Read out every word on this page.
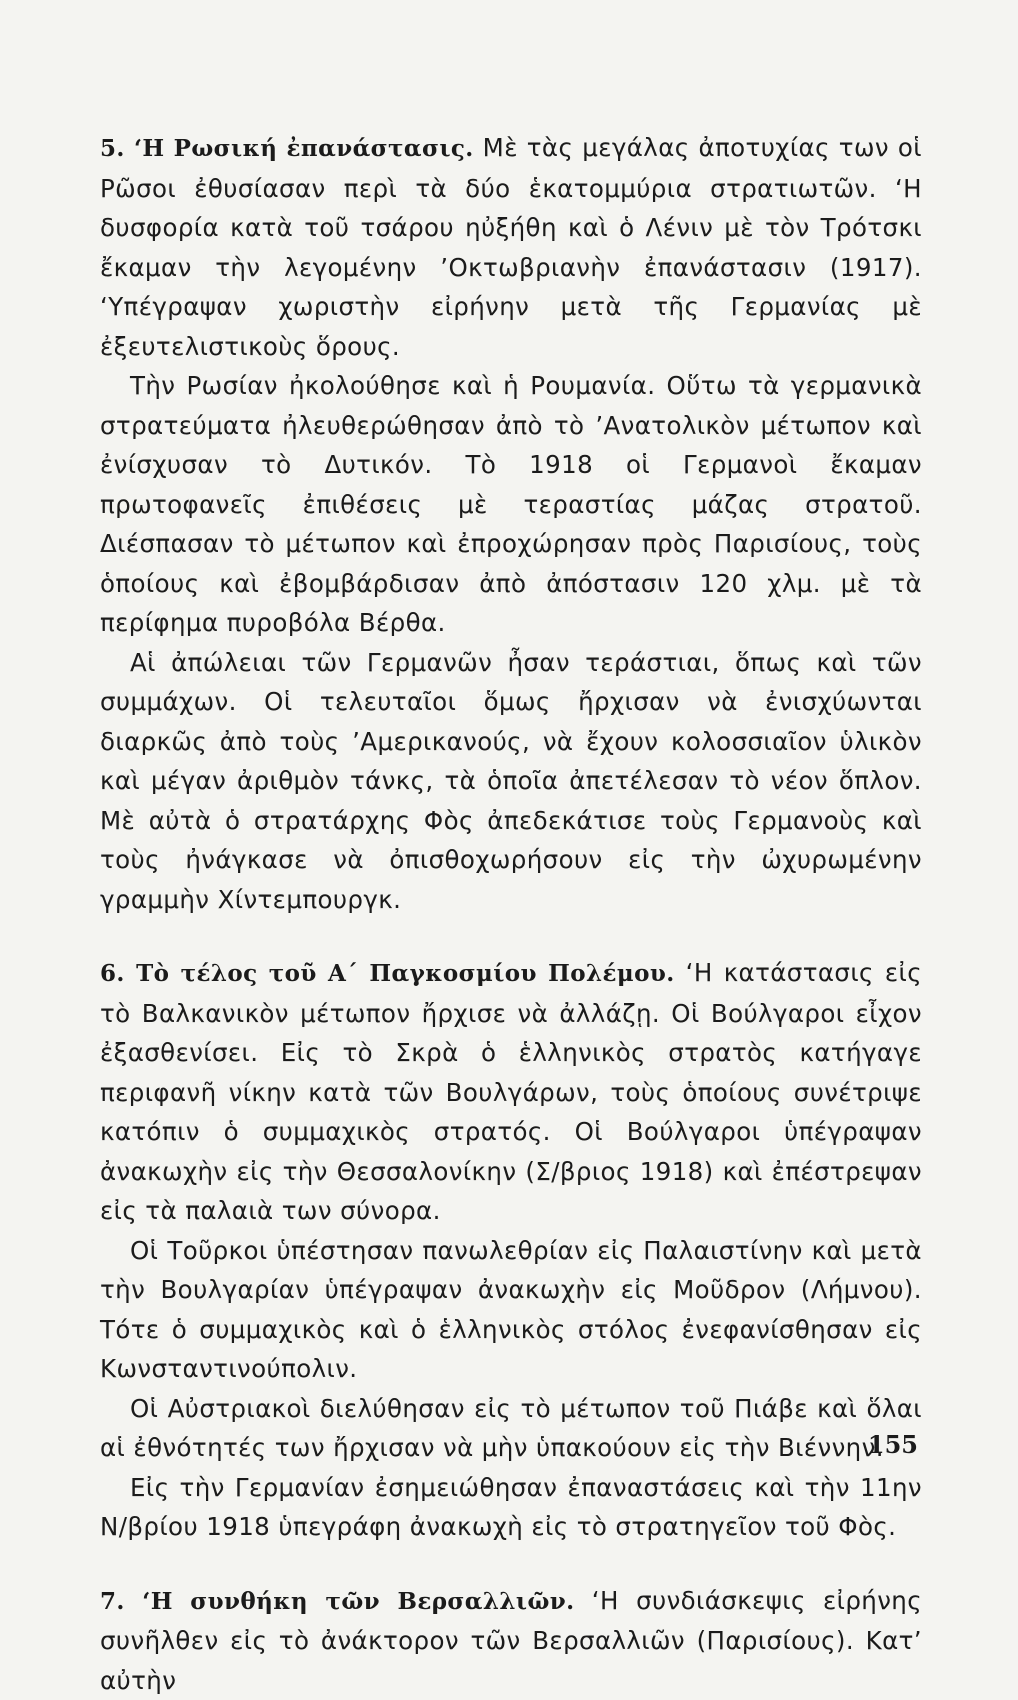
5. ‘Η Ρωσική ἐπανάστασις. Μὲ τὰς μεγάλας ἀποτυχίας των οἱ Ρῶσοι ἐθυσίασαν περὶ τὰ δύο ἑκατομμύρια στρατιωτῶν. ‘Η δυσφορία κατὰ τοῦ τσάρου ηὐξήθη καὶ ὁ Λένιν μὲ τὸν Τρότσκι ἔκαμαν τὴν λεγομένην ’Οκτωβριανὴν ἐπανάστασιν (1917). ‘Υπέγραψαν χωριστὴν εἰρήνην μετὰ τῆς Γερμανίας μὲ ἐξευτελιστικοὺς ὅρους.

Τὴν Ρωσίαν ἠκολούθησε καὶ ἡ Ρουμανία. Οὕτω τὰ γερμανικὰ στρατεύματα ἠλευθερώθησαν ἀπὸ τὸ ’Ανατολικὸν μέτωπον καὶ ἐνίσχυσαν τὸ Δυτικόν. Τὸ 1918 οἱ Γερμανοὶ ἔκαμαν πρωτοφανεῖς ἐπιθέσεις μὲ τεραστίας μάζας στρατοῦ. Διέσπασαν τὸ μέτωπον καὶ ἐπροχώρησαν πρὸς Παρισίους, τοὺς ὁποίους καὶ ἐβομβάρδισαν ἀπὸ ἀπόστασιν 120 χλμ. μὲ τὰ περίφημα πυροβόλα Βέρθα.

Αἱ ἀπώλειαι τῶν Γερμανῶν ἦσαν τεράστιαι, ὅπως καὶ τῶν συμμάχων. Οἱ τελευταῖοι ὅμως ἤρχισαν νὰ ἐνισχύωνται διαρκῶς ἀπὸ τοὺς ’Αμερικανούς, νὰ ἔχουν κολοσσιαῖον ὑλικὸν καὶ μέγαν ἀριθμὸν τάνκς, τὰ ὁποῖα ἀπετέλεσαν τὸ νέον ὅπλον. Μὲ αὐτὰ ὁ στρατάρχης Φὸς ἀπεδεκάτισε τοὺς Γερμανοὺς καὶ τοὺς ἠνάγκασε νὰ ὀπισθοχωρήσουν εἰς τὴν ὠχυρωμένην γραμμὴν Χίντεμπουργκ.

6. Τὸ τέλος τοῦ Α΄ Παγκοσμίου Πολέμου. ‘Η κατάστασις εἰς τὸ Βαλκανικὸν μέτωπον ἤρχισε νὰ ἀλλάζῃ. Οἱ Βούλγαροι εἶχον ἐξασθενίσει. Εἰς τὸ Σκρὰ ὁ ἑλληνικὸς στρατὸς κατήγαγε περιφανῆ νίκην κατὰ τῶν Βουλγάρων, τοὺς ὁποίους συνέτριψε κατόπιν ὁ συμμαχικὸς στρατός. Οἱ Βούλγαροι ὑπέγραψαν ἀνακωχὴν εἰς τὴν Θεσσαλονίκην (Σ/βριος 1918) καὶ ἐπέστρεψαν εἰς τὰ παλαιὰ των σύνορα.

Οἱ Τοῦρκοι ὑπέστησαν πανωλεθρίαν εἰς Παλαιστίνην καὶ μετὰ τὴν Βουλγαρίαν ὑπέγραψαν ἀνακωχὴν εἰς Μοῦδρον (Λήμνου). Τότε ὁ συμμαχικὸς καὶ ὁ ἑλληνικὸς στόλος ἐνεφανίσθησαν εἰς Κωνσταντινούπολιν.

Οἱ Αὐστριακοὶ διελύθησαν εἰς τὸ μέτωπον τοῦ Πιάβε καὶ ὅλαι αἱ ἐθνότητές των ἤρχισαν νὰ μὴν ὑπακούουν εἰς τὴν Βιέννην.

Εἰς τὴν Γερμανίαν ἐσημειώθησαν ἐπαναστάσεις καὶ τὴν 11ην Ν/βρίου 1918 ὑπεγράφη ἀνακωχὴ εἰς τὸ στρατηγεῖον τοῦ Φὸς.

7. ‘Η συνθήκη τῶν Βερσαλλιῶν. ‘Η συνδιάσκεψις εἰρήνης συνῆλθεν εἰς τὸ ἀνάκτορον τῶν Βερσαλλιῶν (Παρισίους). Κατ’ αὐτὴν

155
